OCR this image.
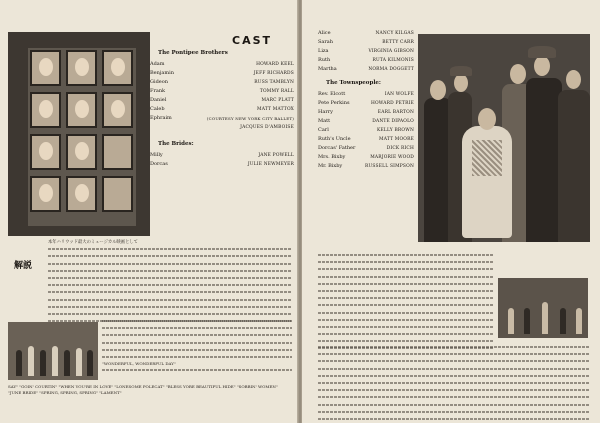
The Pontipee Brothers
Adam	HOWARD KEEL
Benjamin	JEFF RICHARDS
Gideon	RUSS TAMBLYN
Frank	TOMMY RALL
Daniel	MARC PLATT
Caleb	MATT MATTOX
Ephraim	(COURTESY NEW YORK CITY BALLET)
JACQUES D'AMBOISE
The Brides:
Milly	JANE POWELL
Dorcas	JULIE NEWMEYER
CAST
解説
本年ハリウッド最大のミュージカル映画として
"WONDERFUL, WONDERFUL DAY"
SAY" "GOIN' COURTIN" "WHEN YOU'RE IN LOVE" "LONESOME POLECAT" "BLESS YORE BEAUTIFUL HIDE" "SOBBIN' WOMEN" "JUNE BRIDE" "SPRING, SPRING, SPRING" "LAMENT"
Alice	NANCY KILGAS
Sarah	BETTY CARR
Liza	VIRGINIA GIBSON
Ruth	RUTA KILMONIS
Martha	NORMA DOGGETT
The Townspeople:
Rev. Elcott	IAN WOLFE
Pete Perkins	HOWARD PETRIE
Harry	EARL BARTON
Matt	DANTE DIPAOLO
Carl	KELLY BROWN
Ruth's Uncle	MATT MOORE
Dorcas' Father	DICK RICH
Mrs. Bixby	MARJORIE WOOD
Mr. Bixby	RUSSELL SIMPSON
